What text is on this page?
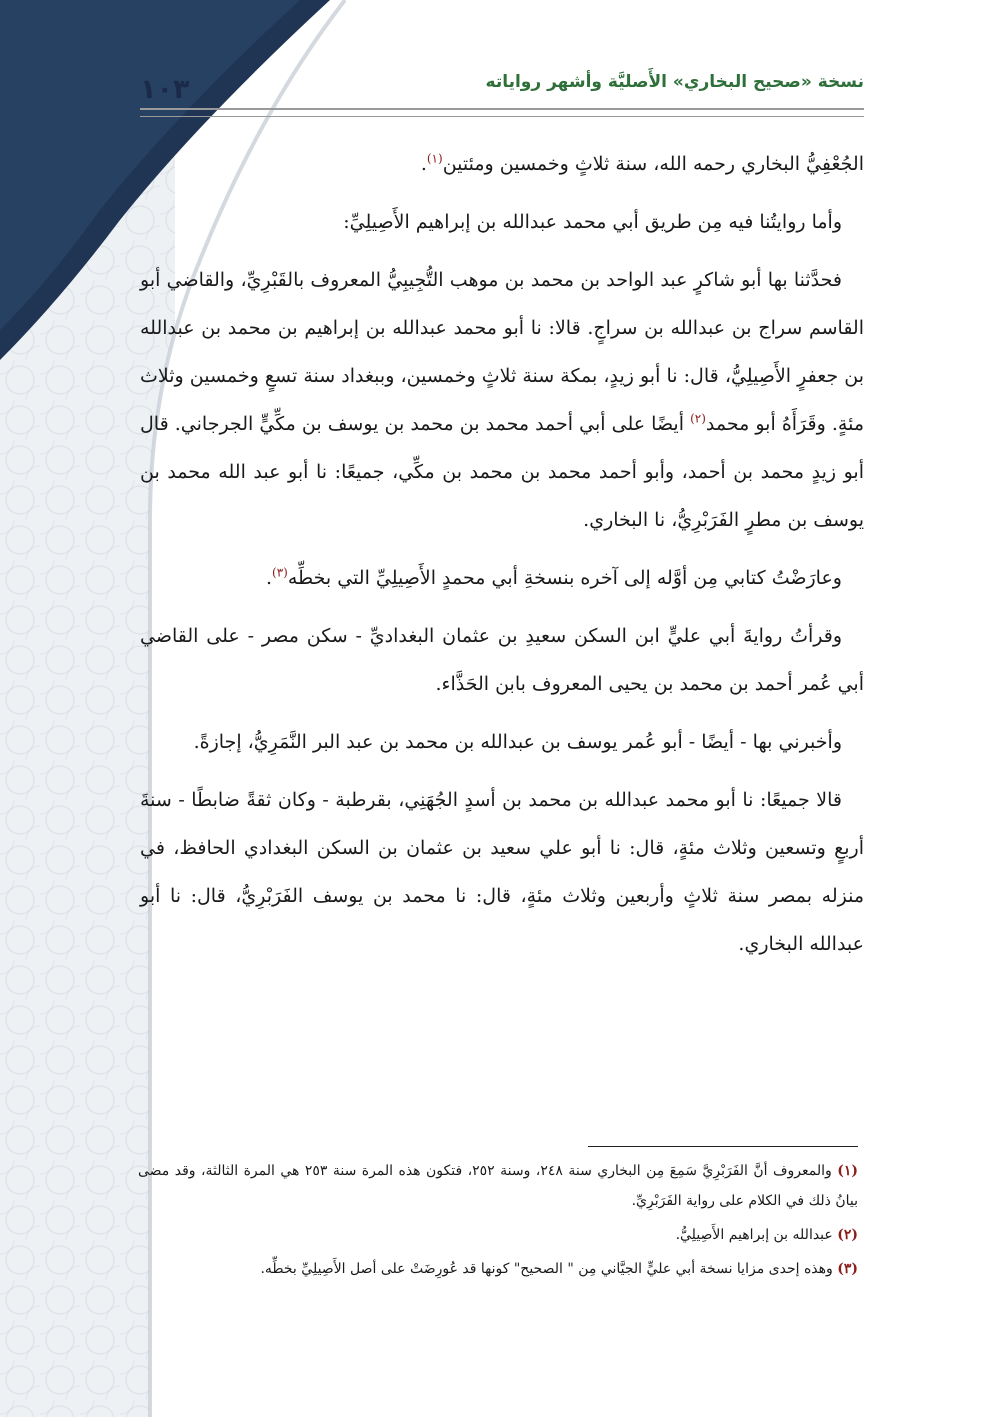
١٠٣	نسخة «صحيح البخاري» الأَصليَّة وأشهر رواياته

الجُعْفِيُّ البخاري رحمه الله، سنة ثلاثٍ وخمسين ومئتين$^{(١)}$.

وأما روايتُنا فيه مِن طريق أبي محمد عبدالله بن إبراهيم الأَصِيلِيِّ:

فحدَّثنا بها أبو شاكرٍ عبد الواحد بن محمد بن موهب التُّجِيبِيُّ المعروف بالقَبْرِيِّ، والقاضي أبو القاسم سراج بن عبدالله بن سراجٍ. قالا: نا أبو محمد عبدالله بن إبراهيم بن محمد بن عبدالله بن جعفرٍ الأَصِيلِيُّ، قال: نا أبو زيدٍ، بمكة سنة ثلاثٍ وخمسين، وببغداد سنة تسعٍ وخمسين وثلاث مئةٍ. وقَرَأَهُ أبو محمد$^{(٢)}$ أيضًا على أبي أحمد محمد بن محمد بن يوسف بن مكِّيٍّ الجرجاني. قال أبو زيدٍ محمد بن أحمد، وأبو أحمد محمد بن محمد بن مكِّي، جميعًا: نا أبو عبد الله محمد بن يوسف بن مطرٍ الفَرَبْرِيُّ، نا البخاري.

وعارَضْتُ كتابي مِن أوَّله إلى آخره بنسخةِ أبي محمدٍ الأَصِيلِيِّ التي بخطِّه$^{(٣)}$.

وقرأتُ روايةَ أبي عليٍّ ابن السكن سعيدِ بن عثمان البغداديِّ - سكن مصر - على القاضي أبي عُمر أحمد بن محمد بن يحيى المعروف بابن الحَذَّاء.

وأخبرني بها - أيضًا - أبو عُمر يوسف بن عبدالله بن محمد بن عبد البر النَّمَرِيُّ، إجازةً.

قالا جميعًا: نا أبو محمد عبدالله بن محمد بن أسدٍ الجُهَنِي، بقرطبة - وكان ثقةً ضابطًا - سنةَ أربعٍ وتسعين وثلاث مئةٍ، قال: نا أبو علي سعيد بن عثمان بن السكن البغدادي الحافظ، في منزله بمصر سنة ثلاثٍ وأربعين وثلاث مئةٍ، قال: نا محمد بن يوسف الفَرَبْرِيُّ، قال: نا أبو عبدالله البخاري.

(١) والمعروف أنَّ الفَرَبْرِيَّ سَمِعَ مِن البخاري سنة ٢٤٨، وسنة ٢٥٢، فتكون هذه المرة سنة ٢٥٣ هي المرة الثالثة، وقد مضى بيانُ ذلك في الكلام على رواية الفَرَبْرِيِّ.

(٢) عبدالله بن إبراهيم الأَصِيلِيُّ.

(٣) وهذه إحدى مزايا نسخة أبي عليٍّ الجيَّاني مِن " الصحيح" كونها قد عُورِضَتْ على أصل الأَصِيلِيِّ بخطِّه.
